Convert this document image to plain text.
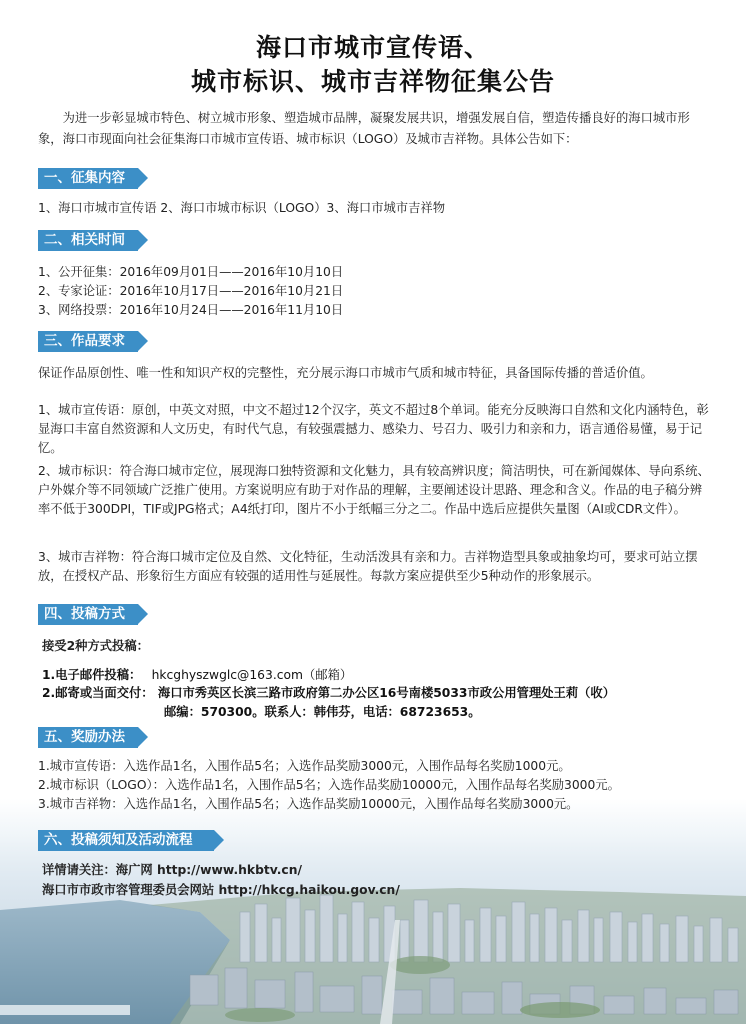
海口市城市宣传语、
城市标识、城市吉祥物征集公告
为进一步彰显城市特色、树立城市形象、塑造城市品牌，凝聚发展共识，增强发展自信，塑造传播良好的海口城市形象，海口市现面向社会征集海口市城市宣传语、城市标识（LOGO）及城市吉祥物。具体公告如下：
一、征集内容
1、海口市城市宣传语 2、海口市城市标识（LOGO）3、海口市城市吉祥物
二、相关时间
1、公开征集：2016年09月01日——2016年10月10日
2、专家论证：2016年10月17日——2016年10月21日
3、网络投票：2016年10月24日——2016年11月10日
三、作品要求
保证作品原创性、唯一性和知识产权的完整性，充分展示海口市城市气质和城市特征，具备国际传播的普适价值。
1、城市宣传语：原创，中英文对照，中文不超过12个汉字，英文不超过8个单词。能充分反映海口自然和文化内涵特色，彰显海口丰富自然资源和人文历史，有时代气息，有较强震撼力、感染力、号召力、吸引力和亲和力，语言通俗易懂，易于记忆。
2、城市标识：符合海口城市定位，展现海口独特资源和文化魅力，具有较高辨识度；简洁明快，可在新闻媒体、导向系统、户外媒介等不同领域广泛推广使用。方案说明应有助于对作品的理解，主要阐述设计思路、理念和含义。作品的电子稿分辨率不低于300DPI，TIF或JPG格式；A4纸打印，图片不小于纸幅三分之二。作品中选后应提供矢量图（AI或CDR文件）。
3、城市吉祥物：符合海口城市定位及自然、文化特征，生动活泼具有亲和力。吉祥物造型具象或抽象均可，要求可站立摆放，在授权产品、形象衍生方面应有较强的适用性与延展性。每款方案应提供至少5种动作的形象展示。
四、投稿方式
接受2种方式投稿：
1.电子邮件投稿： hkcghyszwglc@163.com（邮箱）
2.邮寄或当面交付： 海口市秀英区长滨三路市政府第二办公区16号南楼5033市政公用管理处王莉（收）
邮编：570300。联系人：韩伟芬，电话：68723653。
五、奖励办法
1.城市宣传语：入选作品1名，入围作品5名；入选作品奖励3000元，入围作品每名奖励1000元。
2.城市标识（LOGO）：入选作品1名，入围作品5名；入选作品奖励10000元，入围作品每名奖励3000元。
3.城市吉祥物：入选作品1名，入围作品5名；入选作品奖励10000元，入围作品每名奖励3000元。
六、投稿须知及活动流程
详情请关注：海广网 http://www.hkbtv.cn/
海口市市政市容管理委员会网站 http://hkcg.haikou.gov.cn/
